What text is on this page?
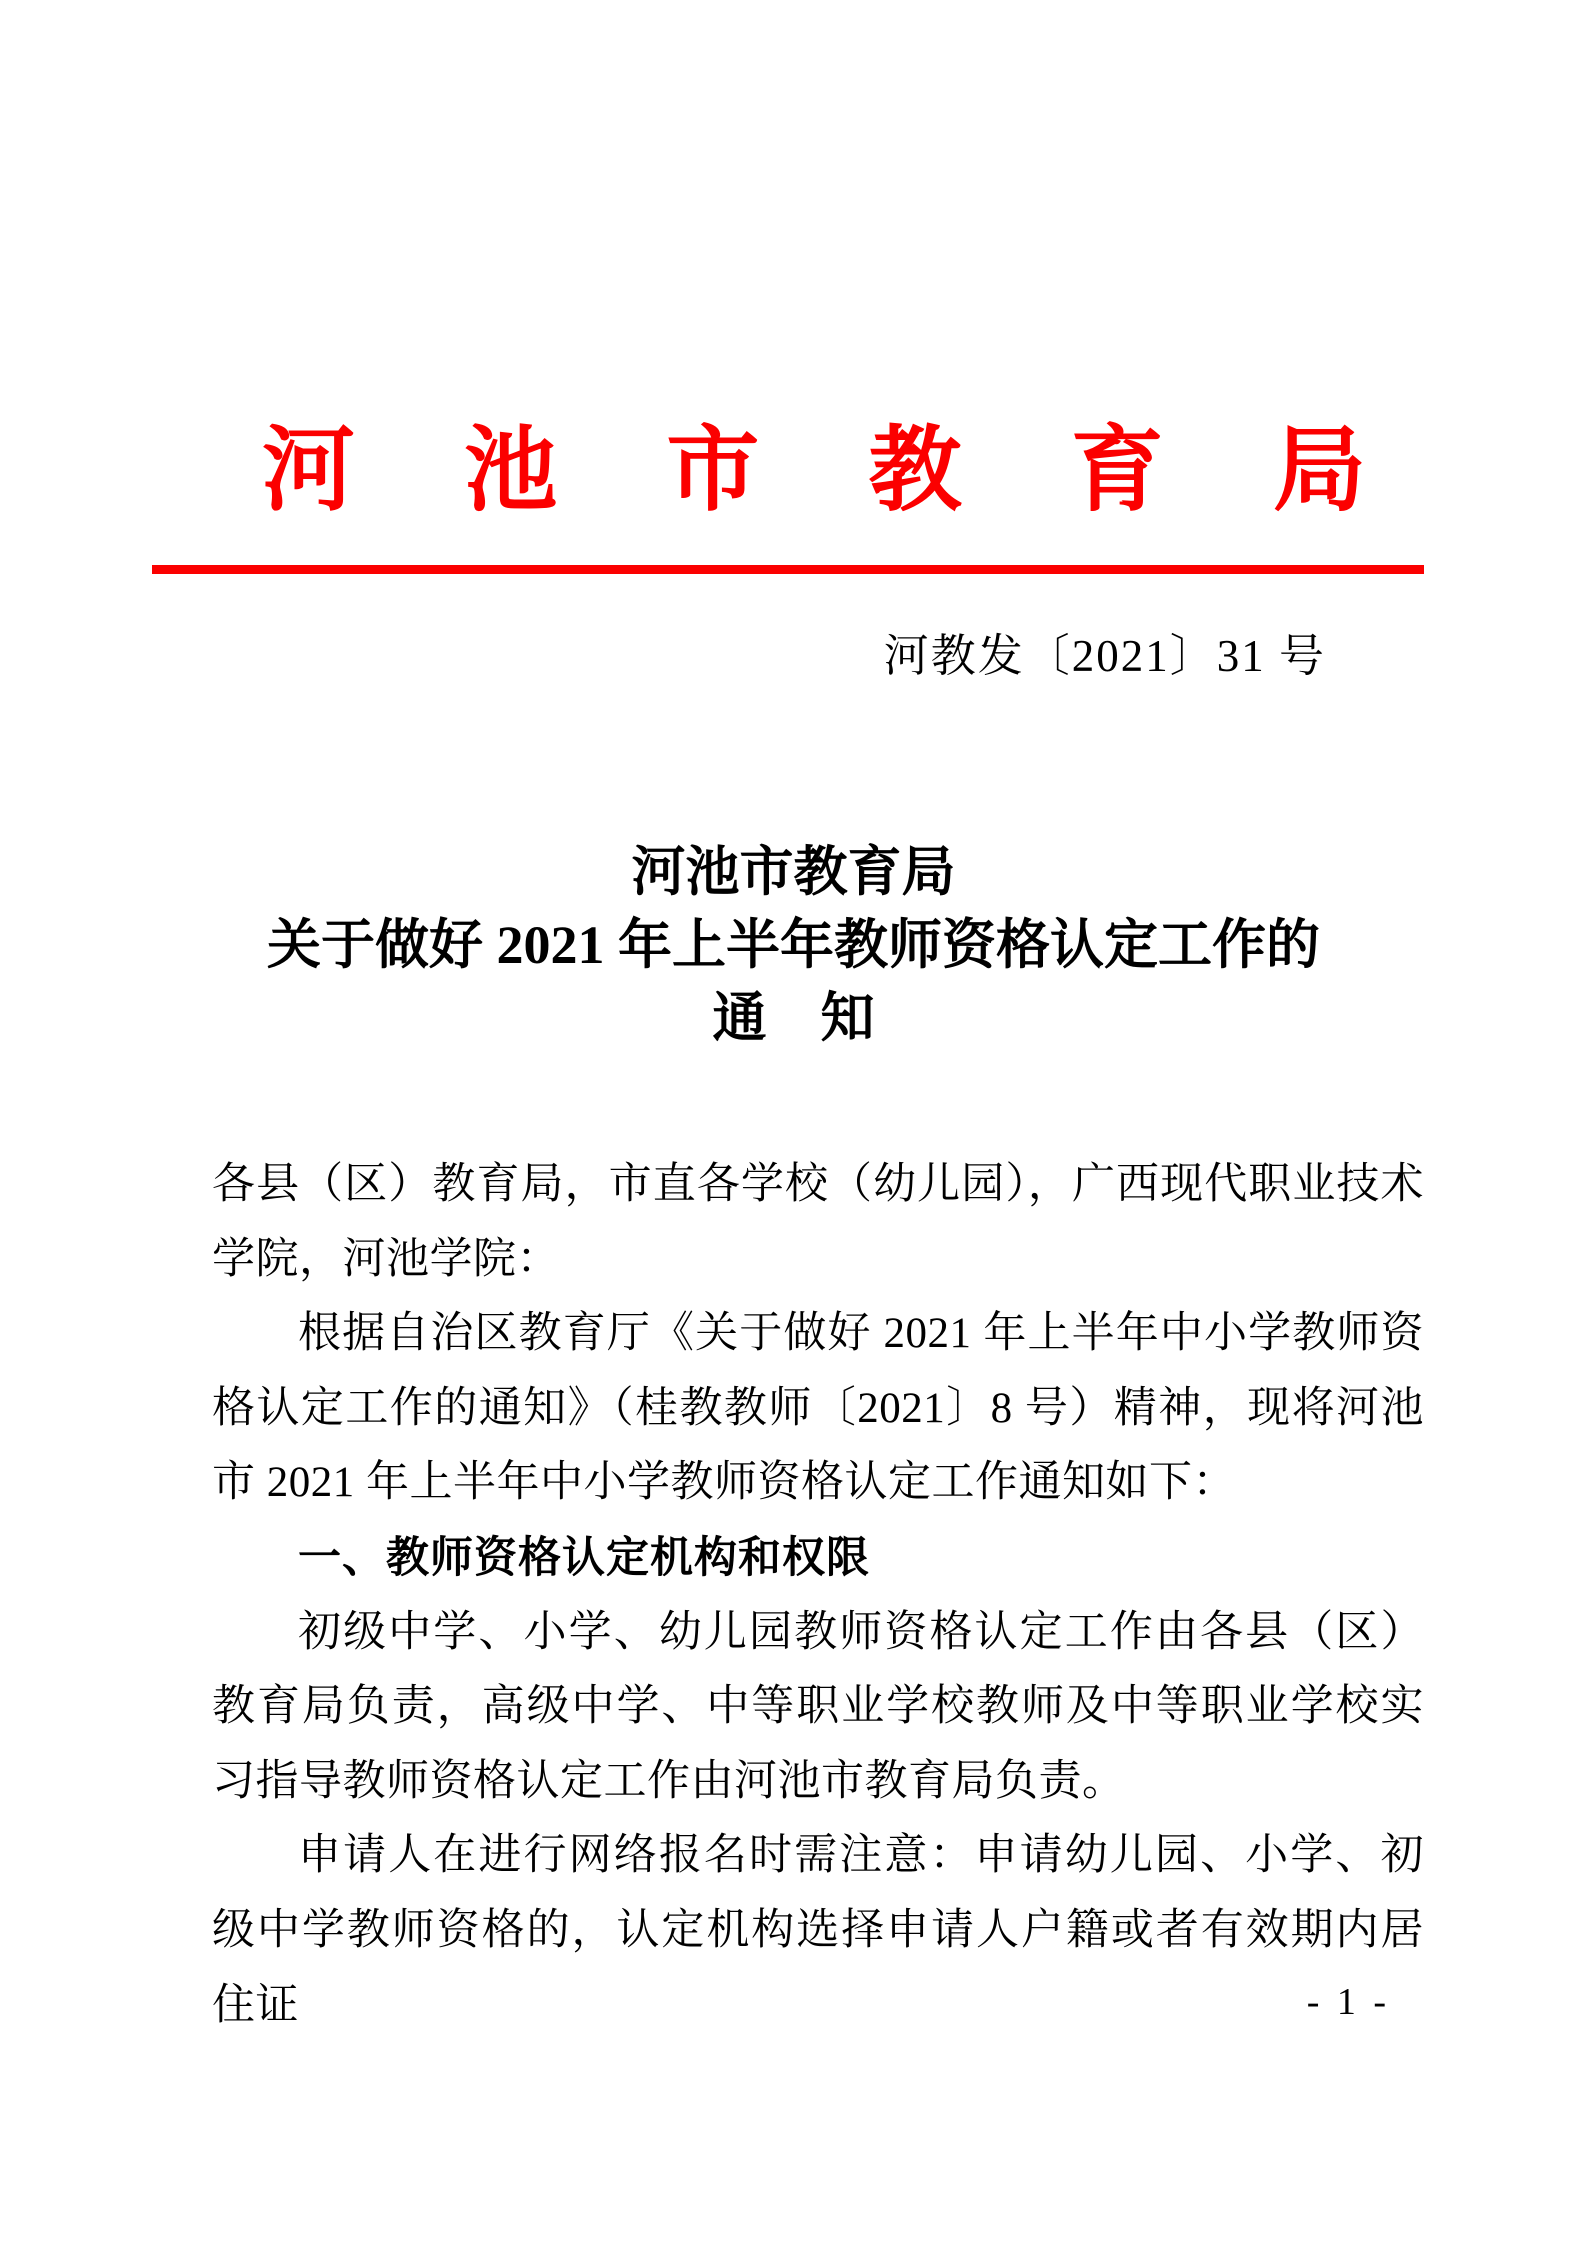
河 池 市 教 育 局
河教发〔2021〕31 号
河池市教育局
关于做好 2021 年上半年教师资格认定工作的
通　知

各县（区）教育局，市直各学校（幼儿园），广西现代职业技术学院，河池学院：

根据自治区教育厅《关于做好 2021 年上半年中小学教师资格认定工作的通知》（桂教教师〔2021〕8 号）精神，现将河池市 2021 年上半年中小学教师资格认定工作通知如下：

一、教师资格认定机构和权限

初级中学、小学、幼儿园教师资格认定工作由各县（区）教育局负责，高级中学、中等职业学校教师及中等职业学校实习指导教师资格认定工作由河池市教育局负责。

申请人在进行网络报名时需注意：申请幼儿园、小学、初级中学教师资格的，认定机构选择申请人户籍或者有效期内居住证	- 1 -
